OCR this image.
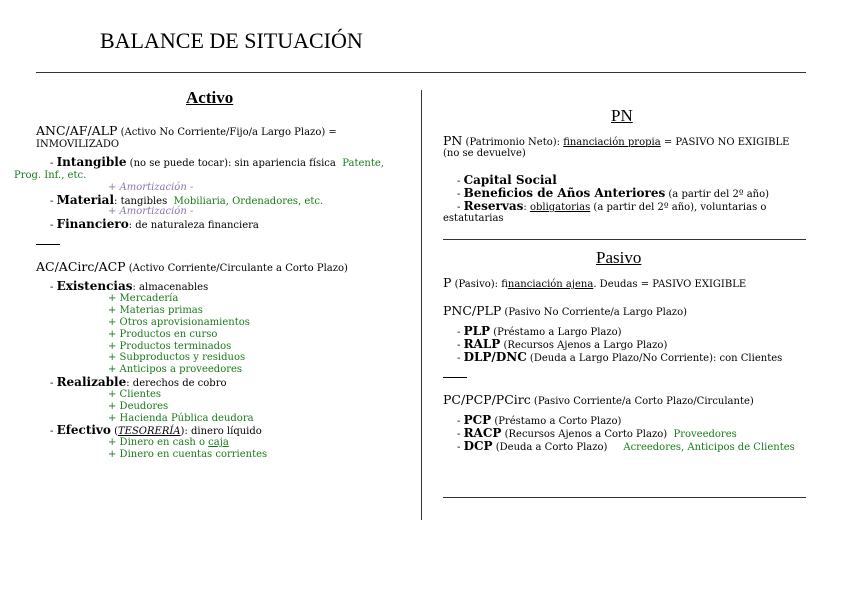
BALANCE DE SITUACIÓN
Activo
ANC/AF/ALP (Activo No Corriente/Fijo/a Largo Plazo) =
INMOVILIZADO
- Intangible (no se puede tocar): sin apariencia física Patente,
Prog. Inf., etc.
+ Amortización -
- Material: tangibles Mobiliaria, Ordenadores, etc.
+ Amortización -
- Financiero: de naturaleza financiera
AC/ACirc/ACP (Activo Corriente/Circulante a Corto Plazo)
- Existencias: almacenables
+ Mercadería
+ Materias primas
+ Otros aprovisionamientos
+ Productos en curso
+ Productos terminados
+ Subproductos y residuos
+ Anticipos a proveedores
- Realizable: derechos de cobro
+ Clientes
+ Deudores
+ Hacienda Pública deudora
- Efectivo (TESORERÍA): dinero líquido
+ Dinero en cash o caja
+ Dinero en cuentas corrientes
PN
PN (Patrimonio Neto): financiación propia = PASIVO NO EXIGIBLE
(no se devuelve)
- Capital Social
- Beneficios de Años Anteriores (a partir del 2º año)
- Reservas: obligatorias (a partir del 2º año), voluntarias o
estatutarias
Pasivo
P (Pasivo): financiación ajena. Deudas = PASIVO EXIGIBLE
PNC/PLP (Pasivo No Corriente/a Largo Plazo)
- PLP (Préstamo a Largo Plazo)
- RALP (Recursos Ajenos a Largo Plazo)
- DLP/DNC (Deuda a Largo Plazo/No Corriente): con Clientes
PC/PCP/PCirc (Pasivo Corriente/a Corto Plazo/Circulante)
- PCP (Préstamo a Corto Plazo)
- RACP (Recursos Ajenos a Corto Plazo) Proveedores
- DCP (Deuda a Corto Plazo) Acreedores, Anticipos de Clientes
